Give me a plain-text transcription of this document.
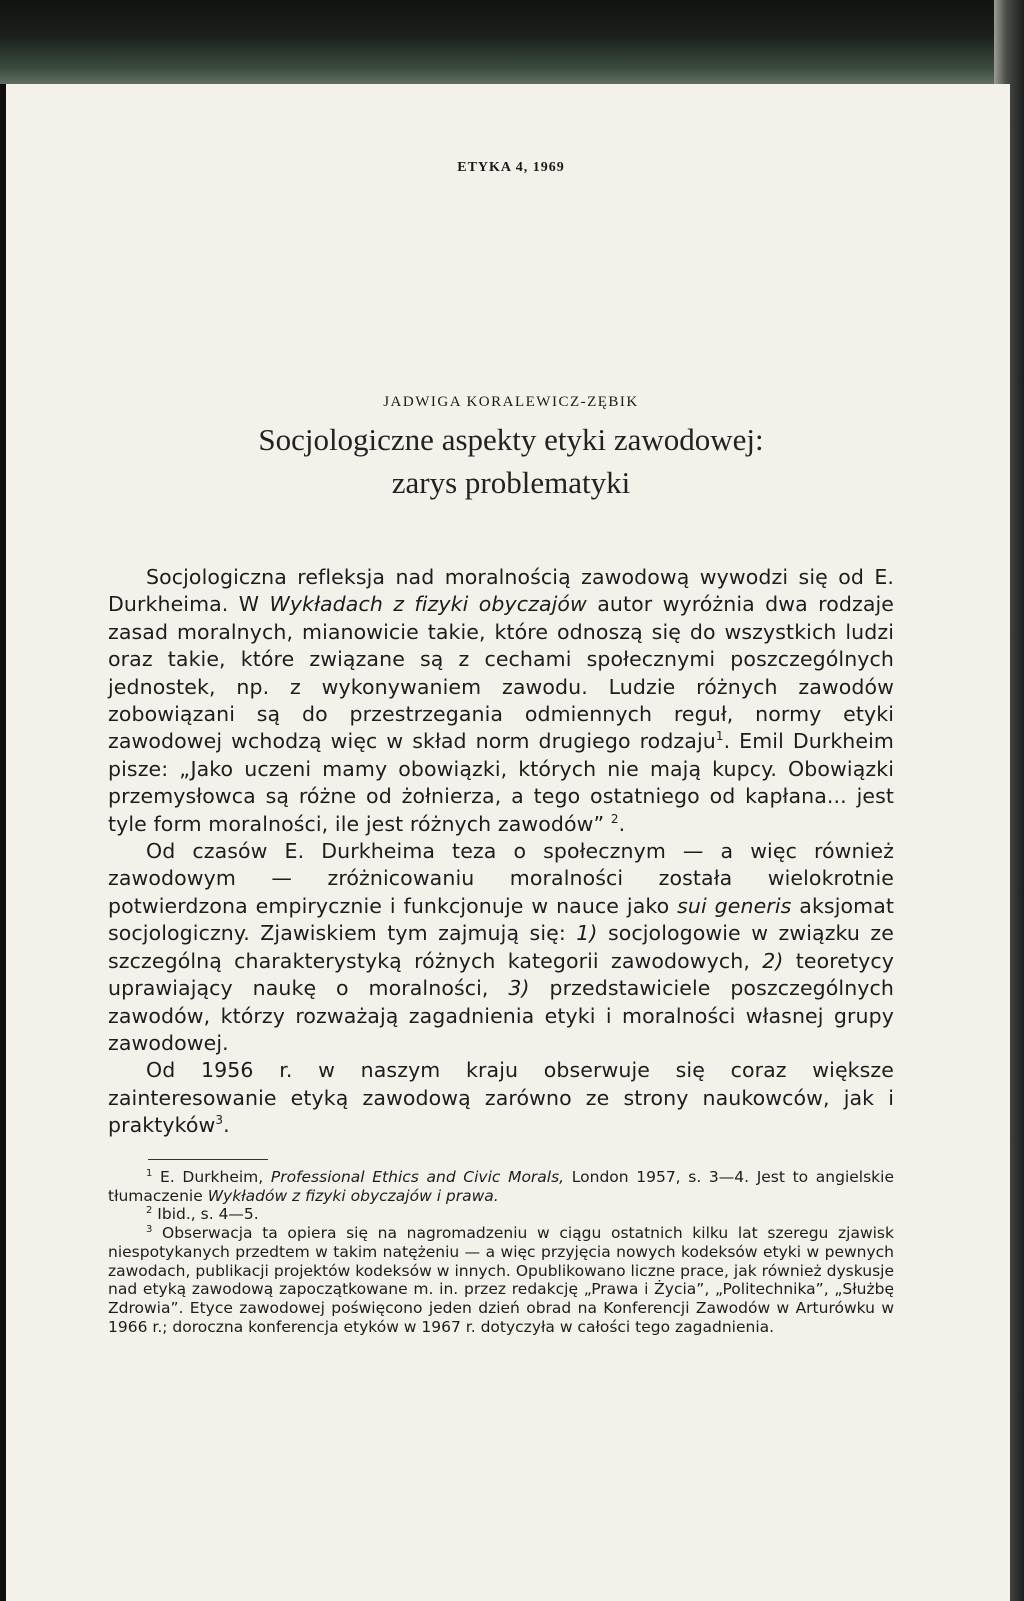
ETYKA 4, 1969
JADWIGA KORALEWICZ-ZĘBIK
Socjologiczne aspekty etyki zawodowej:
zarys problematyki

Socjologiczna refleksja nad moralnością zawodową wywodzi się od E. Durkheima. W Wykładach z fizyki obyczajów autor wyróżnia dwa rodzaje zasad moralnych, mianowicie takie, które odnoszą się do wszystkich ludzi oraz takie, które związane są z cechami społecznymi poszczególnych jednostek, np. z wykonywaniem zawodu. Ludzie różnych zawodów zobowiązani są do przestrzegania odmiennych reguł, normy etyki zawodowej wchodzą więc w skład norm drugiego rodzaju$^1$. Emil Durkheim pisze: „Jako uczeni mamy obowiązki, których nie mają kupcy. Obowiązki przemysłowca są różne od żołnierza, a tego ostatniego od kapłana... jest tyle form moralności, ile jest różnych zawodów” $^2$.

Od czasów E. Durkheima teza o społecznym — a więc również zawodowym — zróżnicowaniu moralności została wielokrotnie potwierdzona empirycznie i funkcjonuje w nauce jako sui generis aksjomat socjologiczny. Zjawiskiem tym zajmują się: 1) socjologowie w związku ze szczególną charakterystyką różnych kategorii zawodowych, 2) teoretycy uprawiający naukę o moralności, 3) przedstawiciele poszczególnych zawodów, którzy rozważają zagadnienia etyki i moralności własnej grupy zawodowej.

Od 1956 r. w naszym kraju obserwuje się coraz większe zainteresowanie etyką zawodową zarówno ze strony naukowców, jak i praktyków$^3$.

$^1$ E. Durkheim, Professional Ethics and Civic Morals, London 1957, s. 3—4. Jest to angielskie tłumaczenie Wykładów z fizyki obyczajów i prawa.

$^2$ Ibid., s. 4—5.

$^3$ Obserwacja ta opiera się na nagromadzeniu w ciągu ostatnich kilku lat szeregu zjawisk niespotykanych przedtem w takim natężeniu — a więc przyjęcia nowych kodeksów etyki w pewnych zawodach, publikacji projektów kodeksów w innych. Opublikowano liczne prace, jak również dyskusje nad etyką zawodową zapoczątkowane m. in. przez redakcję „Prawa i Życia”, „Politechnika”, „Służbę Zdrowia”. Etyce zawodowej poświęcono jeden dzień obrad na Konferencji Zawodów w Arturówku w 1966 r.; doroczna konferencja etyków w 1967 r. dotyczyła w całości tego zagadnienia.
